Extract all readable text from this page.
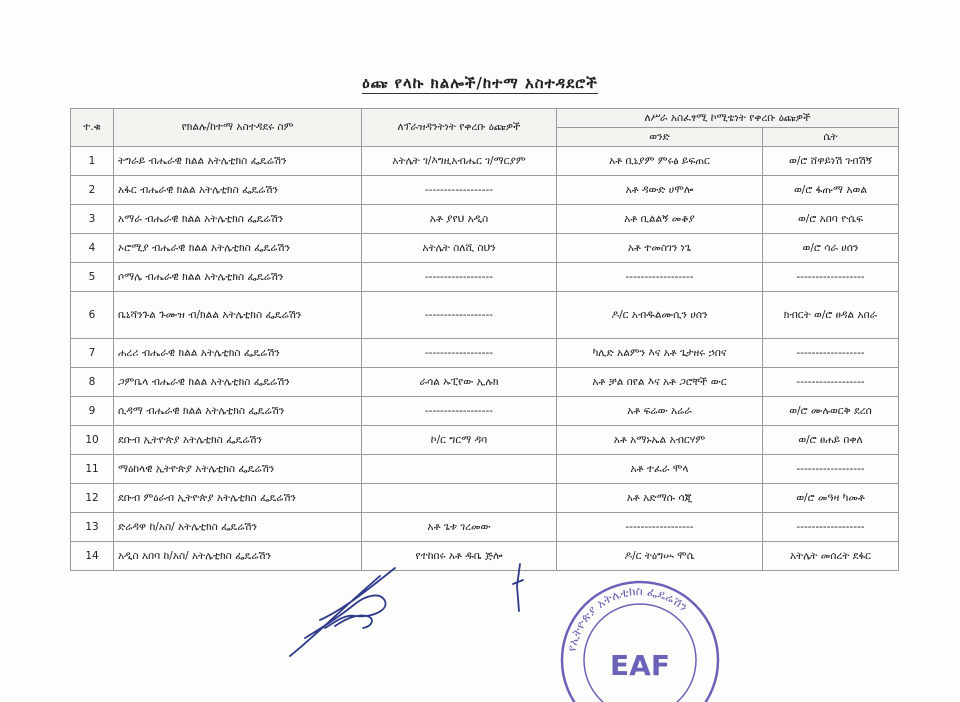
ዕጩ የላኩ ክልሎች/ከተማ አስተዳደሮች
ተ.ቁ	የክልሉ/ከተማ አስተዳደሩ ስም	ለፕራዝዳንትነት የቀረቡ ዕጩዎች	ለሥራ አስፈፃሚ ኮሚቴነት የቀረቡ ዕጩዎች	
			ወንድ	ሴት
1	ትግራይ ብሔራዊ ክልል አትሌቲክስ ፌዴሬሽን	አትሌት ገ/እግዚአብሔር ገ/ማርያም	አቶ ቢኒያም ምሩፅ ይፍጠር	ወ/ሮ ሸዋይነሽ ገብሽኝ
2	አፋር ብሔራዊ ክልል አትሌቲክስ ፌዴሬሽን	------------------	አቶ ዳውድ ሀሞሎ	ወ/ሮ ፋጡማ አወል
3	አማራ ብሔራዊ ክልል አትሌቲክስ ፌዴሬሽን	አቶ ያየህ አዲስ	አቶ ቢልልኝ መቆያ	ወ/ሮ አበባ ዮሴፍ
4	ኦሮሚያ ብሔራዊ ክልል አትሌቲክስ ፌዴሬሽን	አትሌት ስለሺ ስህን	አቶ ተመስገን ነጌ	ወ/ሮ ሳራ ሀሰን
5	ሶማሌ ብሔራዊ ክልል አትሌቲክስ ፌዴሬሽን	------------------	------------------	------------------
6	ቤኒሻንጉል ጉሙዝ ብ/ክልል አትሌቲክስ ፌዴሬሽን	------------------	ዶ/ር አብዱልሙሲን ሀሰን	ክብርት ወ/ሮ ፀዳል አበራ
7	ሐረሪ ብሔራዊ ክልል አትሌቲክስ ፌዴሬሽን	------------------	ካሊድ አልምን እና አቶ ጌታዘሩ ኃበና	------------------
8	ጋምቤላ ብሔራዊ ክልል አትሌቲክስ ፌዴሬሽን	ራሳል ኡፒየው ኢሉክ	አቶ ቻል በየል እና አቶ ጋሮቸች ውር	------------------
9	ሲዳማ ብሔራዊ ክልል አትሌቲክስ ፌዴሬሽን	------------------	አቶ ፍሬው አሬራ	ወ/ሮ ሙሉወርቅ ደረሰ
10	ደቡብ ኢትዮጵያ አትሌቲክስ ፌዴሬሽን	ኮ/ር ግርማ ዳባ	አቶ አማኑኤል አብርሃም	ወ/ሮ ፀሐይ በቀለ
11	ማዕከላዊ ኢትዮጵያ አትሌቲክስ ፌዴሬሽን		አቶ ተፈራ ሞላ	------------------
12	ደቡብ ምዕራብ ኢትዮጵያ አትሌቲክስ ፌዴሬሽን		አቶ አድማሱ ሳጂ	ወ/ሮ መዓዛ ካመቶ
13	ድሬዳዋ ከ/አስ/ አትሌቲክስ ፌዴሬሽን	አቶ ጌቱ ገረመው	------------------	------------------
14	አዲስ አበባ ከ/አስ/ አትሌቲክስ ፌዴሬሽን	የተከበሩ አቶ ዱቤ ጅሎ	ዶ/ር ትዕግሡ ሞሴ	አትሌት መሰረት ደፋር
የኢትዮጵያ አትሌቲክስ ፌዴሬሽን
EAF
